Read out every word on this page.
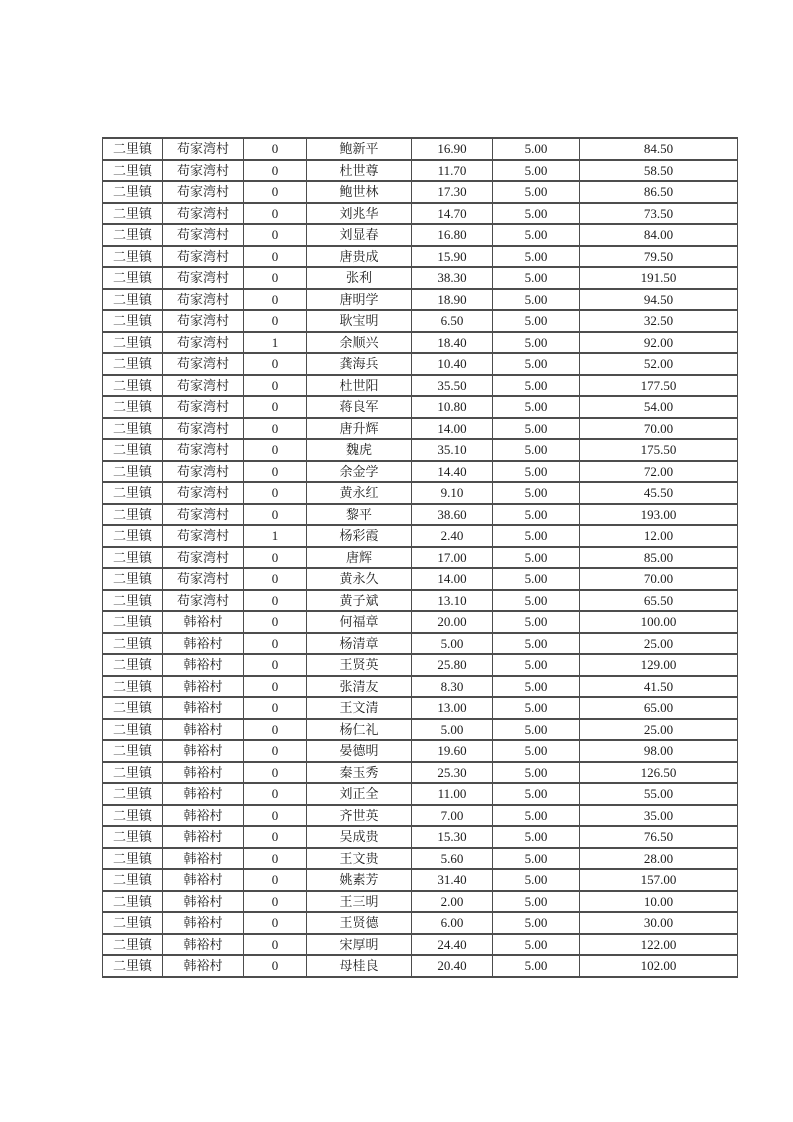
二里镇	苟家湾村	0	鲍新平	16.90	5.00	84.50
二里镇	苟家湾村	0	杜世尊	11.70	5.00	58.50
二里镇	苟家湾村	0	鲍世林	17.30	5.00	86.50
二里镇	苟家湾村	0	刘兆华	14.70	5.00	73.50
二里镇	苟家湾村	0	刘显春	16.80	5.00	84.00
二里镇	苟家湾村	0	唐贵成	15.90	5.00	79.50
二里镇	苟家湾村	0	张利	38.30	5.00	191.50
二里镇	苟家湾村	0	唐明学	18.90	5.00	94.50
二里镇	苟家湾村	0	耿宝明	6.50	5.00	32.50
二里镇	苟家湾村	1	余顺兴	18.40	5.00	92.00
二里镇	苟家湾村	0	龚海兵	10.40	5.00	52.00
二里镇	苟家湾村	0	杜世阳	35.50	5.00	177.50
二里镇	苟家湾村	0	蒋良军	10.80	5.00	54.00
二里镇	苟家湾村	0	唐升辉	14.00	5.00	70.00
二里镇	苟家湾村	0	魏虎	35.10	5.00	175.50
二里镇	苟家湾村	0	余金学	14.40	5.00	72.00
二里镇	苟家湾村	0	黄永红	9.10	5.00	45.50
二里镇	苟家湾村	0	黎平	38.60	5.00	193.00
二里镇	苟家湾村	1	杨彩霞	2.40	5.00	12.00
二里镇	苟家湾村	0	唐辉	17.00	5.00	85.00
二里镇	苟家湾村	0	黄永久	14.00	5.00	70.00
二里镇	苟家湾村	0	黄子斌	13.10	5.00	65.50
二里镇	韩裕村	0	何福章	20.00	5.00	100.00
二里镇	韩裕村	0	杨清章	5.00	5.00	25.00
二里镇	韩裕村	0	王贤英	25.80	5.00	129.00
二里镇	韩裕村	0	张清友	8.30	5.00	41.50
二里镇	韩裕村	0	王文清	13.00	5.00	65.00
二里镇	韩裕村	0	杨仁礼	5.00	5.00	25.00
二里镇	韩裕村	0	晏德明	19.60	5.00	98.00
二里镇	韩裕村	0	秦玉秀	25.30	5.00	126.50
二里镇	韩裕村	0	刘正全	11.00	5.00	55.00
二里镇	韩裕村	0	齐世英	7.00	5.00	35.00
二里镇	韩裕村	0	吴成贵	15.30	5.00	76.50
二里镇	韩裕村	0	王文贵	5.60	5.00	28.00
二里镇	韩裕村	0	姚素芳	31.40	5.00	157.00
二里镇	韩裕村	0	王三明	2.00	5.00	10.00
二里镇	韩裕村	0	王贤德	6.00	5.00	30.00
二里镇	韩裕村	0	宋厚明	24.40	5.00	122.00
二里镇	韩裕村	0	母桂良	20.40	5.00	102.00
